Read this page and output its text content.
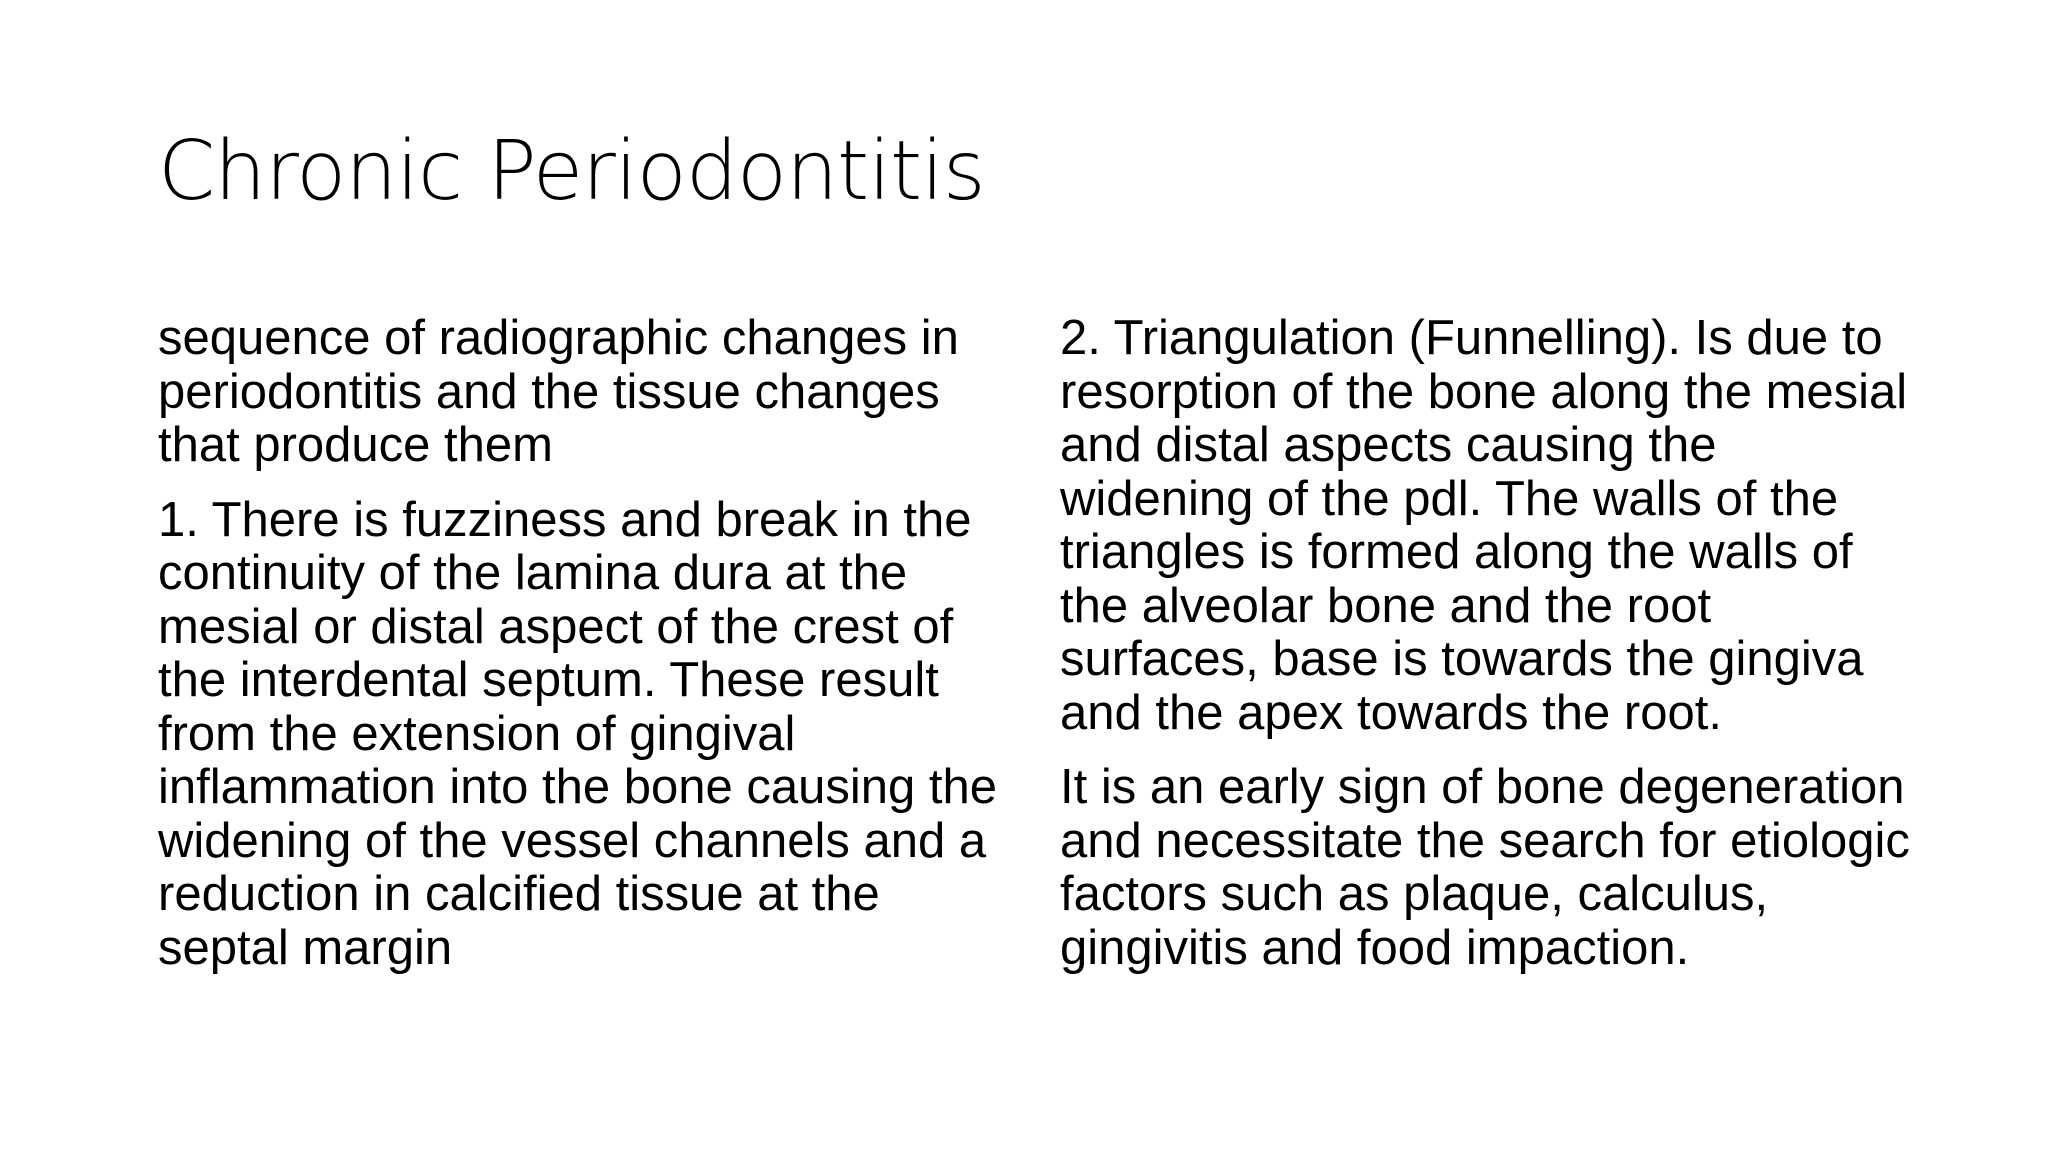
Chronic Periodontitis

sequence of radiographic changes in periodontitis and the tissue changes that produce them

1. There is fuzziness and break in the continuity of the lamina dura at the mesial or distal aspect of the crest of the interdental septum. These result from the extension of gingival inflammation into the bone causing the widening of the vessel channels and a reduction in calcified tissue at the septal margin

2. Triangulation (Funnelling). Is due to resorption of the bone along the mesial and distal aspects causing the widening of the pdl. The walls of the triangles is formed along the walls of the alveolar bone and the root surfaces, base is towards the gingiva and the apex towards the root.

It is an early sign of bone degeneration and necessitate the search for etiologic factors such as plaque, calculus, gingivitis and food impaction.
